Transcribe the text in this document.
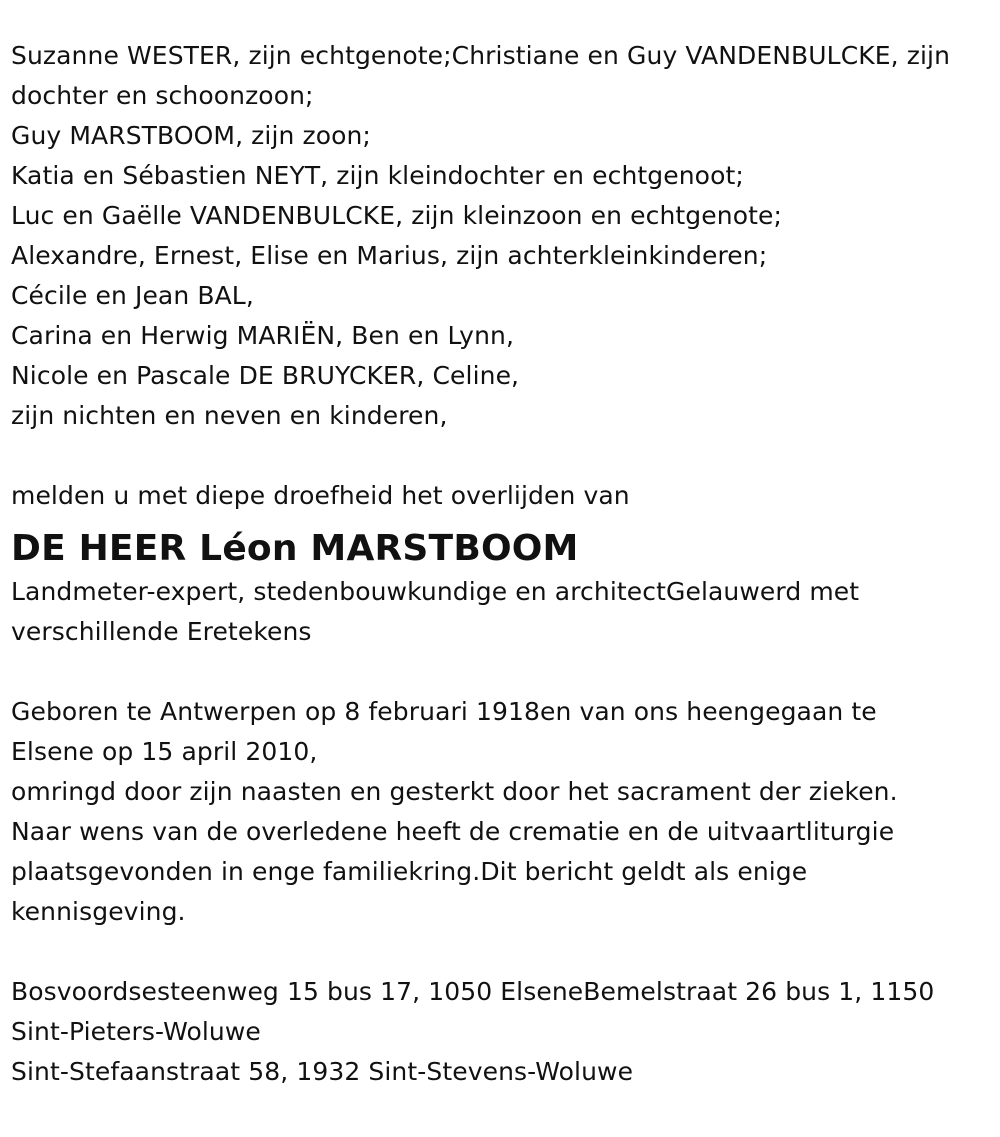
Suzanne WESTER, zijn echtgenote;Christiane en Guy VANDENBULCKE, zijn
dochter en schoonzoon;
Guy MARSTBOOM, zijn zoon;
Katia en Sébastien NEYT, zijn kleindochter en echtgenoot;
Luc en Gaëlle VANDENBULCKE, zijn kleinzoon en echtgenote;
Alexandre, Ernest, Elise en Marius, zijn achterkleinkinderen;
Cécile en Jean BAL,
Carina en Herwig MARIËN, Ben en Lynn,
Nicole en Pascale DE BRUYCKER, Celine,
zijn nichten en neven en kinderen,
melden u met diepe droefheid het overlijden van
DE HEER Léon MARSTBOOM
Landmeter-expert, stedenbouwkundige en architectGelauwerd met
verschillende Eretekens
Geboren te Antwerpen op 8 februari 1918en van ons heengegaan te
Elsene op 15 april 2010,
omringd door zijn naasten en gesterkt door het sacrament der zieken.
Naar wens van de overledene heeft de crematie en de uitvaartliturgie
plaatsgevonden in enge familiekring.Dit bericht geldt als enige
kennisgeving.
Bosvoordsesteenweg 15 bus 17, 1050 ElseneBemelstraat 26 bus 1, 1150
Sint-Pieters-Woluwe
Sint-Stefaanstraat 58, 1932 Sint-Stevens-Woluwe
